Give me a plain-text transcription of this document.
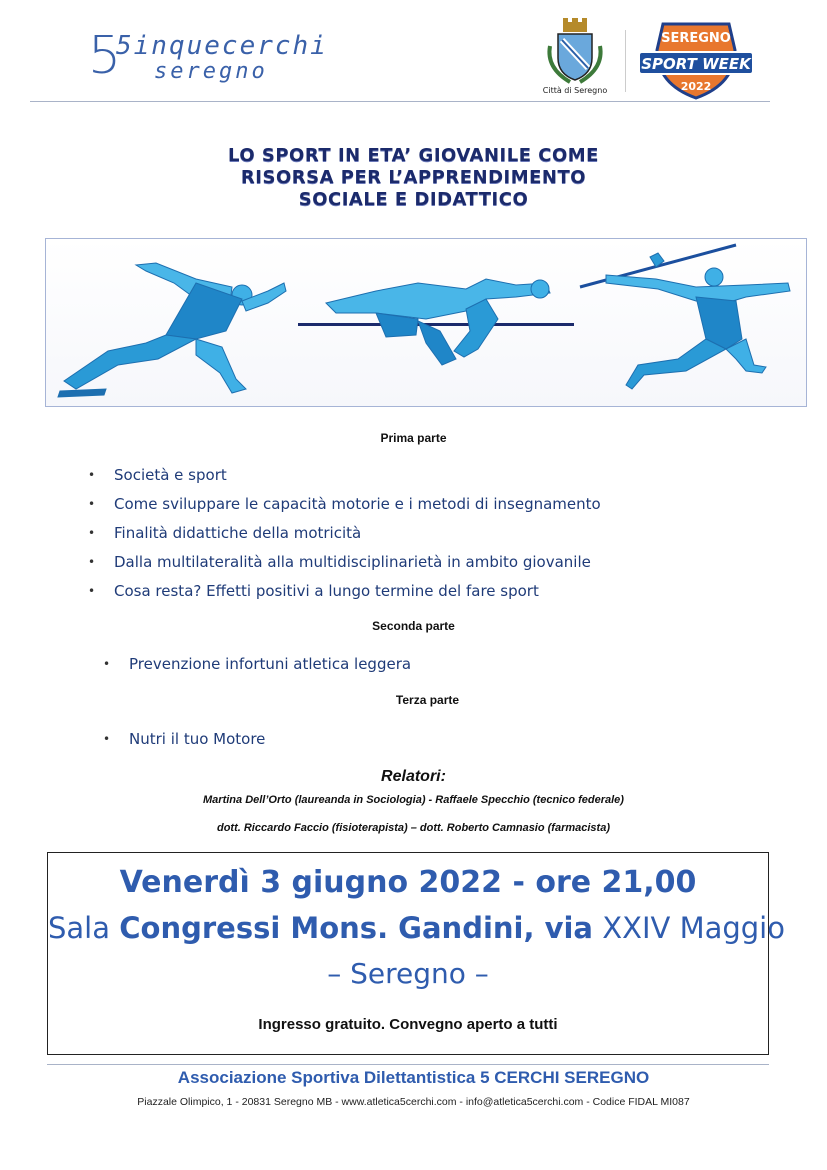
5
5inquecerchi
seregno
Città di Seregno
SEREGNO
SPORT WEEK
2022
LO SPORT IN ETA’ GIOVANILE COME
RISORSA PER L’APPRENDIMENTO
SOCIALE E DIDATTICO
Prima parte
• Società e sport
• Come sviluppare le capacità motorie e i metodi di insegnamento
• Finalità didattiche della motricità
• Dalla multilateralità alla multidisciplinarietà in ambito giovanile
• Cosa resta? Effetti positivi a lungo termine del fare sport
Seconda parte
• Prevenzione infortuni atletica leggera
Terza parte
• Nutri il tuo Motore
Relatori:
Martina Dell’Orto (laureanda in Sociologia) - Raffaele Specchio (tecnico federale)
dott. Riccardo Faccio (fisioterapista) – dott. Roberto Camnasio (farmacista)
Venerdì 3 giugno 2022 - ore 21,00
Sala Congressi Mons. Gandini, via XXIV Maggio
– Seregno –
Ingresso gratuito. Convegno aperto a tutti
Associazione Sportiva Dilettantistica 5 CERCHI SEREGNO
Piazzale Olimpico, 1 - 20831 Seregno MB - www.atletica5cerchi.com - info@atletica5cerchi.com - Codice FIDAL MI087
